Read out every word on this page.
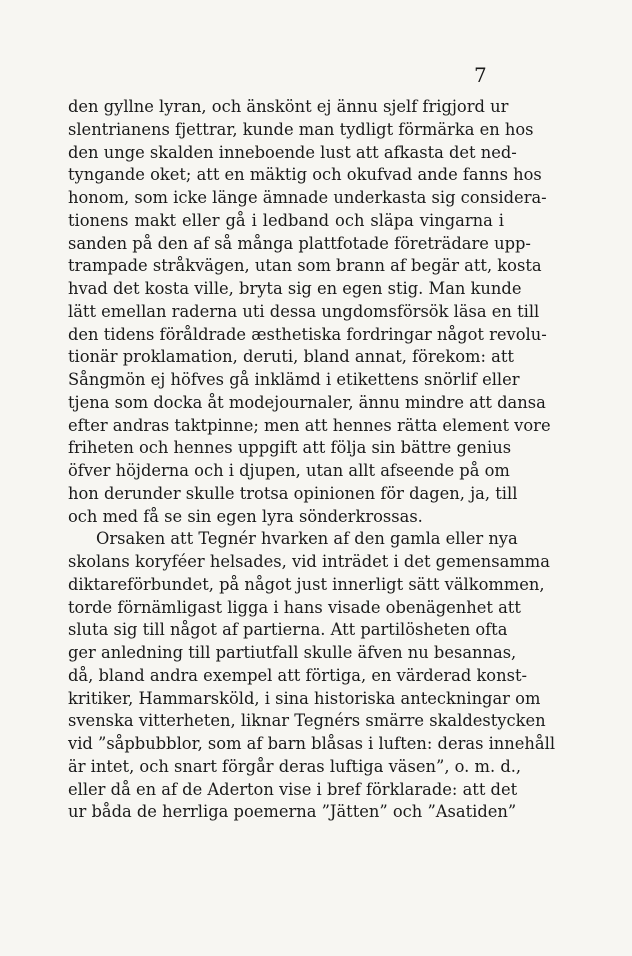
7
den gyllne lyran, och änskönt ej ännu sjelf frigjord ur
slentrianens fjettrar, kunde man tydligt förmärka en hos
den unge skalden inneboende lust att afkasta det ned-
tyngande oket; att en mäktig och okufvad ande fanns hos
honom, som icke länge ämnade underkasta sig considera-
tionens makt eller gå i ledband och släpa vingarna i
sanden på den af så många plattfotade företrädare upp-
trampade stråkvägen, utan som brann af begär att, kosta
hvad det kosta ville, bryta sig en egen stig. Man kunde
lätt emellan raderna uti dessa ungdomsförsök läsa en till
den tidens föråldrade æsthetiska fordringar något revolu-
tionär proklamation, deruti, bland annat, förekom: att
Sångmön ej höfves gå inklämd i etikettens snörlif eller
tjena som docka åt modejournaler, ännu mindre att dansa
efter andras taktpinne; men att hennes rätta element vore
friheten och hennes uppgift att följa sin bättre genius
öfver höjderna och i djupen, utan allt afseende på om
hon derunder skulle trotsa opinionen för dagen, ja, till
och med få se sin egen lyra sönderkrossas.
Orsaken att Tegnér hvarken af den gamla eller nya
skolans koryféer helsades, vid inträdet i det gemensamma
diktareförbundet, på något just innerligt sätt välkommen,
torde förnämligast ligga i hans visade obenägenhet att
sluta sig till något af partierna. Att partilösheten ofta
ger anledning till partiutfall skulle äfven nu besannas,
då, bland andra exempel att förtiga, en värderad konst-
kritiker, Hammarsköld, i sina historiska anteckningar om
svenska vitterheten, liknar Tegnérs smärre skaldestycken
vid ”såpbubblor, som af barn blåsas i luften: deras innehåll
är intet, och snart förgår deras luftiga väsen”, o. m. d.,
eller då en af de Aderton vise i bref förklarade: att det
ur båda de herrliga poemerna ”Jätten” och ”Asatiden”
